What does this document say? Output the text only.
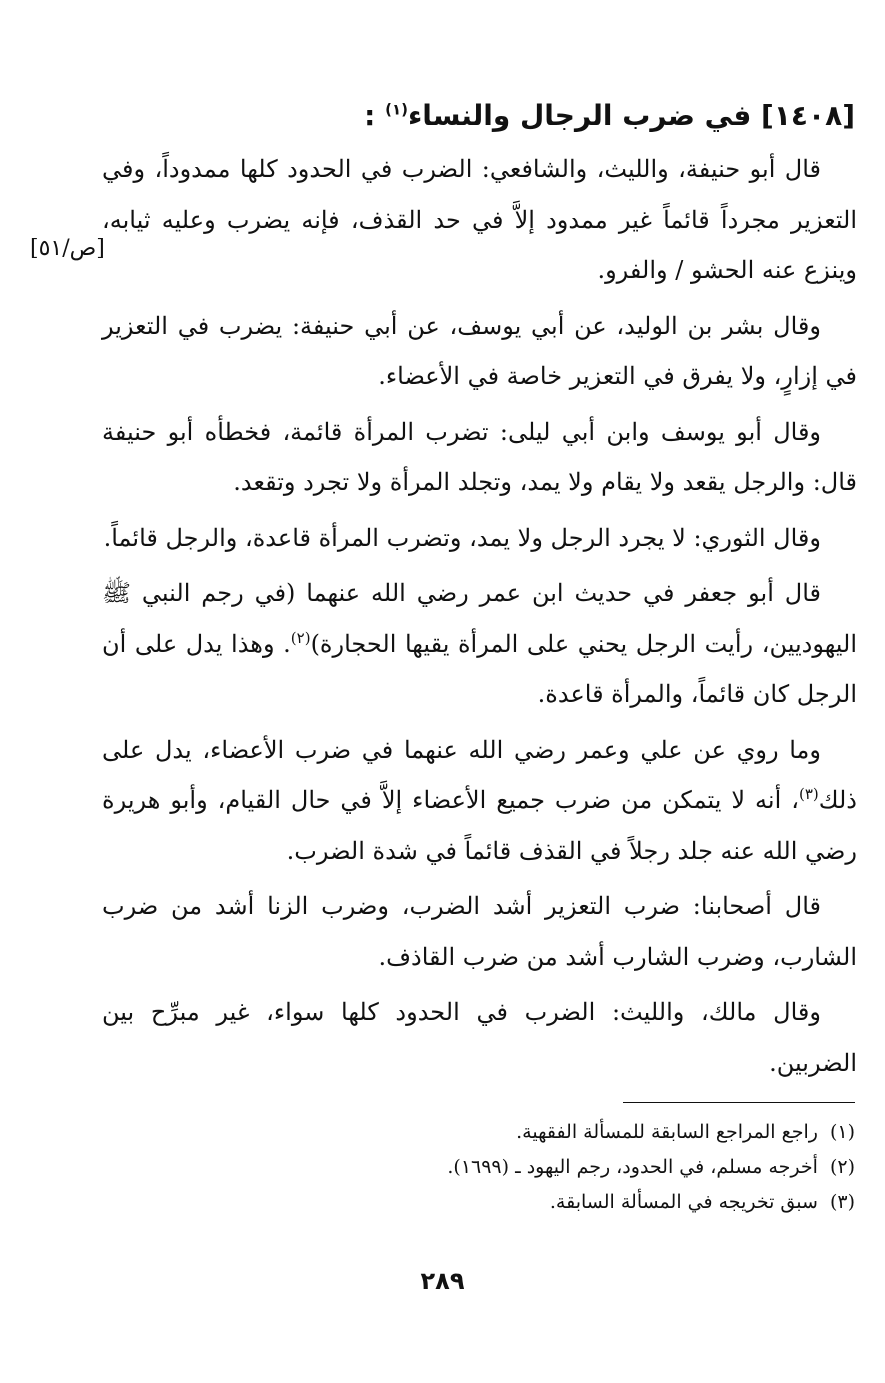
[١٤٠٨] في ضرب الرجال والنساء$^{(١)}$ :
[ص/٥١]

قال أبو حنيفة، والليث، والشافعي: الضرب في الحدود كلها ممدوداً، وفي التعزير مجرداً قائماً غير ممدود إلاَّ في حد القذف، فإنه يضرب وعليه ثيابه، وينزع عنه الحشو / والفرو.

وقال بشر بن الوليد، عن أبي يوسف، عن أبي حنيفة: يضرب في التعزير في إزارٍ، ولا يفرق في التعزير خاصة في الأعضاء.

وقال أبو يوسف وابن أبي ليلى: تضرب المرأة قائمة، فخطأه أبو حنيفة قال: والرجل يقعد ولا يقام ولا يمد، وتجلد المرأة ولا تجرد وتقعد.

وقال الثوري: لا يجرد الرجل ولا يمد، وتضرب المرأة قاعدة، والرجل قائماً.

قال أبو جعفر في حديث ابن عمر رضي الله عنهما (في رجم النبي ﷺ اليهوديين، رأيت الرجل يحني على المرأة يقيها الحجارة)$^{(٢)}$. وهذا يدل على أن الرجل كان قائماً، والمرأة قاعدة.

وما روي عن علي وعمر رضي الله عنهما في ضرب الأعضاء، يدل على ذلك$^{(٣)}$، أنه لا يتمكن من ضرب جميع الأعضاء إلاَّ في حال القيام، وأبو هريرة رضي الله عنه جلد رجلاً في القذف قائماً في شدة الضرب.

قال أصحابنا: ضرب التعزير أشد الضرب، وضرب الزنا أشد من ضرب الشارب، وضرب الشارب أشد من ضرب القاذف.

وقال مالك، والليث: الضرب في الحدود كلها سواء، غير مبرِّح بين الضربين.

(١)راجع المراجع السابقة للمسألة الفقهية.
(٢)أخرجه مسلم، في الحدود، رجم اليهود ـ (١٦٩٩).
(٣)سبق تخريجه في المسألة السابقة.
٢٨٩
